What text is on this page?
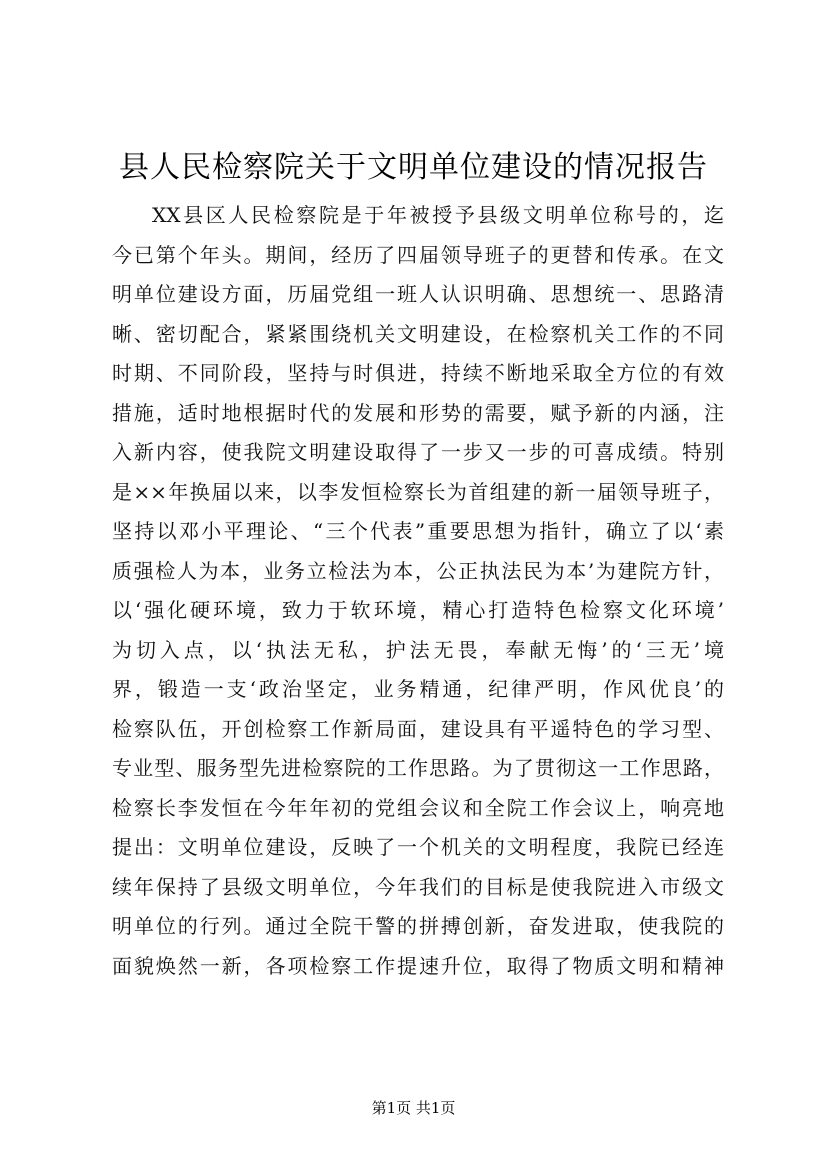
县人民检察院关于文明单位建设的情况报告
XX县区人民检察院是于年被授予县级文明单位称号的，迄
今已第个年头。期间，经历了四届领导班子的更替和传承。在文
明单位建设方面，历届党组一班人认识明确、思想统一、思路清
晰、密切配合，紧紧围绕机关文明建设，在检察机关工作的不同
时期、不同阶段，坚持与时俱进，持续不断地采取全方位的有效
措施，适时地根据时代的发展和形势的需要，赋予新的内涵，注
入新内容，使我院文明建设取得了一步又一步的可喜成绩。特别
是××年换届以来，以李发恒检察长为首组建的新一届领导班子，
坚持以邓小平理论、“三个代表”重要思想为指针，确立了以‘素
质强检人为本，业务立检法为本，公正执法民为本’为建院方针，
以‘强化硬环境，致力于软环境，精心打造特色检察文化环境’
为切入点，以‘执法无私，护法无畏，奉献无悔’的‘三无’境
界，锻造一支‘政治坚定，业务精通，纪律严明，作风优良’的
检察队伍，开创检察工作新局面，建设具有平遥特色的学习型、
专业型、服务型先进检察院的工作思路。为了贯彻这一工作思路，
检察长李发恒在今年年初的党组会议和全院工作会议上，响亮地
提出：文明单位建设，反映了一个机关的文明程度，我院已经连
续年保持了县级文明单位，今年我们的目标是使我院进入市级文
明单位的行列。通过全院干警的拼搏创新，奋发进取，使我院的
面貌焕然一新，各项检察工作提速升位，取得了物质文明和精神
第1页 共1页
